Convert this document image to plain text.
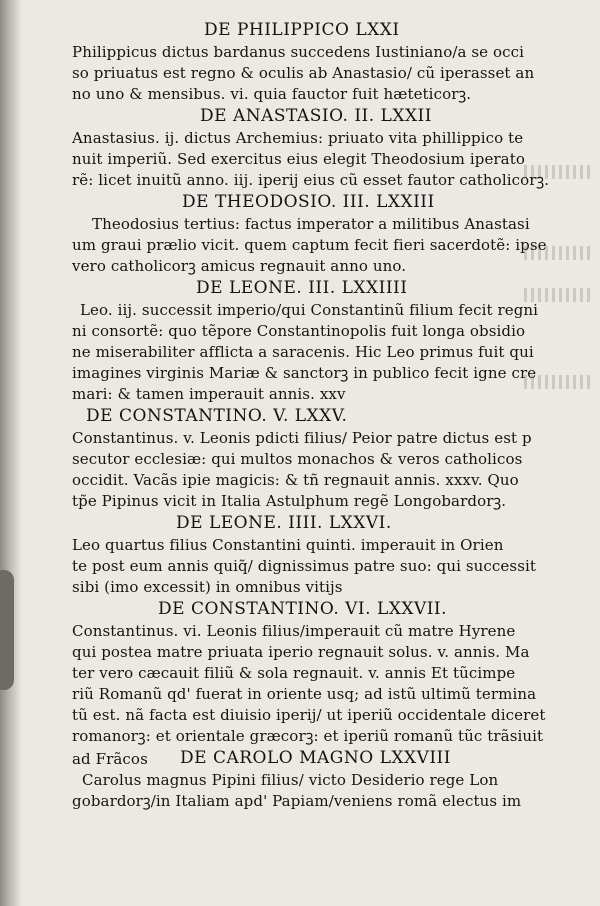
DE PHILIPPICO LXXI
Philippicus dictus bardanus succedens Iustiniano/a se occi
so priuatus est regno & oculis ab Anastasio/ cũ iperasset an
no uno & mensibus. vi. quia fauctor fuit hæteticorꝫ.
DE ANASTASIO. II. LXXII
Anastasius. ij. dictus Archemius: priuato vita phillippico te
nuit imperiũ. Sed exercitus eius elegit Theodosium iperato
rẽ: licet inuitũ anno. iij. iperij eius cũ esset fautor catholicorꝫ.
DE THEODOSIO. III. LXXIII
Theodosius tertius: factus imperator a militibus Anastasi
um graui prælio vicit. quem captum fecit fieri sacerdotẽ: ipse
vero catholicorꝫ amicus regnauit anno uno.
DE LEONE. III. LXXIIII
Leo. iij. successit imperio/qui Constantinũ filium fecit regni
ni consortẽ: quo tẽpore Constantinopolis fuit longa obsidio
ne miserabiliter afflicta a saracenis. Hic Leo primus fuit qui
imagines virginis Mariæ & sanctorꝫ in publico fecit igne cre
mari: & tamen imperauit annis. xxv
DE CONSTANTINO. V. LXXV.
Constantinus. v. Leonis pdicti filius/ Peior patre dictus est p
secutor ecclesiæ: qui multos monachos & veros catholicos
occidit. Vacãs ipie magicis: & tñ regnauit annis. xxxv. Quo
tp̃e Pipinus vicit in Italia Astulphum regẽ Longobardorꝫ.
DE LEONE. IIII. LXXVI.
Leo quartus filius Constantini quinti. imperauit in Orien
te post eum annis quiq̃/ dignissimus patre suo: qui successit
sibi (imo excessit) in omnibus vitijs
DE CONSTANTINO. VI. LXXVII.
Constantinus. vi. Leonis filius/imperauit cũ matre Hyrene
qui postea matre priuata iperio regnauit solus. v. annis. Ma
ter vero cæcauit filiũ & sola regnauit. v. annis Et tũcimpe
riũ Romanũ qd' fuerat in oriente usq; ad istũ ultimũ termina
tũ est. nã facta est diuisio iperij/ ut iperiũ occidentale diceret
romanorꝫ: et orientale græcorꝫ: et iperiũ romanũ tũc trãsiuit
ad Frãcos DE CAROLO MAGNO LXXVIII
Carolus magnus Pipini filius/ victo Desiderio rege Lon
gobardorꝫ/in Italiam apd' Papiam/veniens romã electus im
